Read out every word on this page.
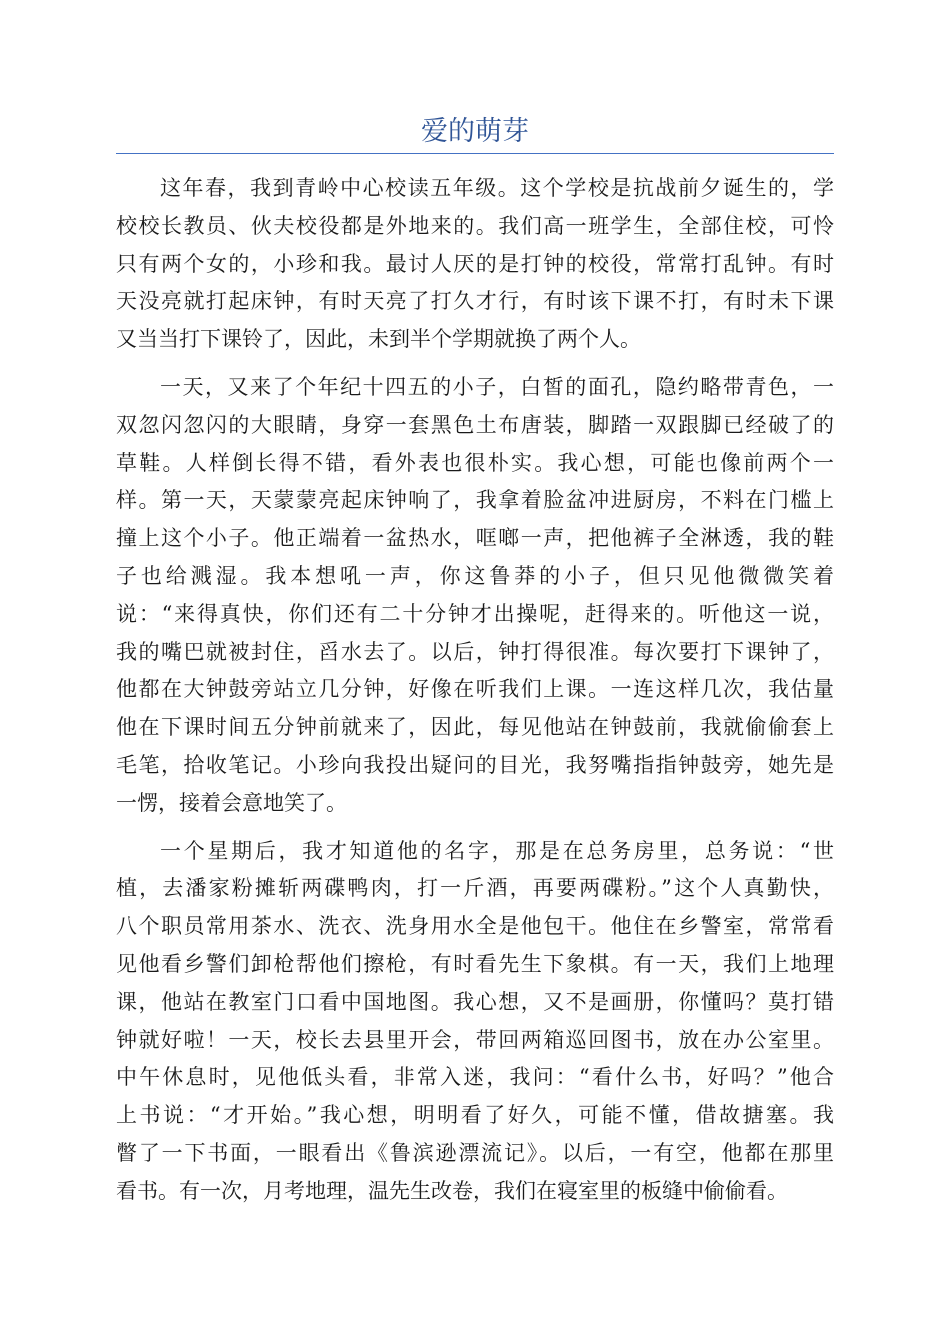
爱的萌芽
这年春，我到青岭中心校读五年级。这个学校是抗战前夕诞生的，学
校校长教员、伙夫校役都是外地来的。我们高一班学生，全部住校，可怜
只有两个女的，小珍和我。最讨人厌的是打钟的校役，常常打乱钟。有时
天没亮就打起床钟，有时天亮了打久才行，有时该下课不打，有时未下课
又当当打下课铃了，因此，未到半个学期就换了两个人。
一天，又来了个年纪十四五的小子，白皙的面孔，隐约略带青色，一
双忽闪忽闪的大眼睛，身穿一套黑色土布唐装，脚踏一双跟脚已经破了的
草鞋。人样倒长得不错，看外表也很朴实。我心想，可能也像前两个一
样。第一天，天蒙蒙亮起床钟响了，我拿着脸盆冲进厨房，不料在门槛上
撞上这个小子。他正端着一盆热水，哐啷一声，把他裤子全淋透，我的鞋
子也给溅湿。我本想吼一声，你这鲁莽的小子，但只见他微微笑着
说：“来得真快，你们还有二十分钟才出操呢，赶得来的。听他这一说，
我的嘴巴就被封住，舀水去了。以后，钟打得很准。每次要打下课钟了，
他都在大钟鼓旁站立几分钟，好像在听我们上课。一连这样几次，我估量
他在下课时间五分钟前就来了，因此，每见他站在钟鼓前，我就偷偷套上
毛笔，拾收笔记。小珍向我投出疑问的目光，我努嘴指指钟鼓旁，她先是
一愣，接着会意地笑了。
一个星期后，我才知道他的名字，那是在总务房里，总务说：“世
植，去潘家粉摊斩两碟鸭肉，打一斤酒，再要两碟粉。”这个人真勤快，
八个职员常用茶水、洗衣、洗身用水全是他包干。他住在乡警室，常常看
见他看乡警们卸枪帮他们擦枪，有时看先生下象棋。有一天，我们上地理
课，他站在教室门口看中国地图。我心想，又不是画册，你懂吗？莫打错
钟就好啦！一天，校长去县里开会，带回两箱巡回图书，放在办公室里。
中午休息时，见他低头看，非常入迷，我问：“看什么书，好吗？”他合
上书说：“才开始。”我心想，明明看了好久，可能不懂，借故搪塞。我
瞥了一下书面，一眼看出《鲁滨逊漂流记》。以后，一有空，他都在那里
看书。有一次，月考地理，温先生改卷，我们在寝室里的板缝中偷偷看。
